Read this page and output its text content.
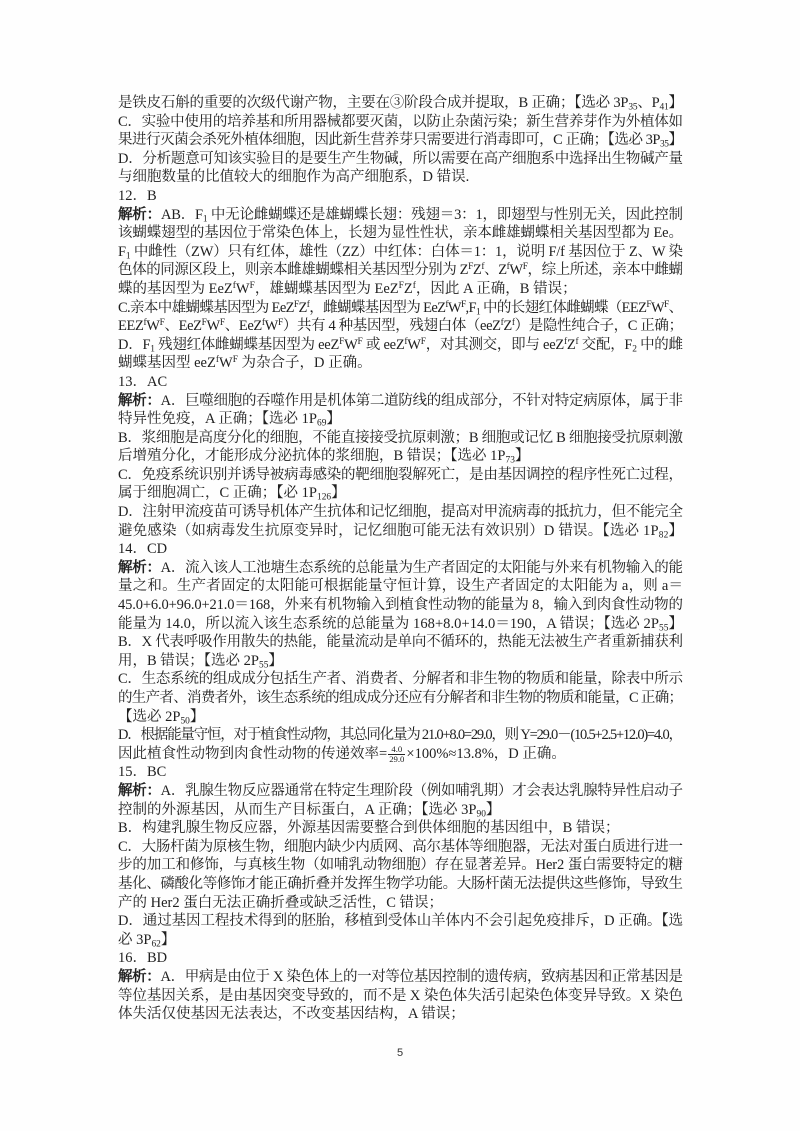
是铁皮石斛的重要的次级代谢产物，主要在③阶段合成并提取，B 正确；【选必 $3P_{35}$、$P_{41}$】
C．实验中使用的培养基和所用器械都要灭菌，以防止杂菌污染；新生营养芽作为外植体如
果进行灭菌会杀死外植体细胞，因此新生营养芽只需要进行消毒即可，C 正确；【选必 $3P_{35}$】
D．分析题意可知该实验目的是要生产生物碱，所以需要在高产细胞系中选择出生物碱产量
与细胞数量的比值较大的细胞作为高产细胞系，D 错误.
12．B
解析：AB．$F_1$ 中无论雌蝴蝶还是雄蝴蝶长翅：残翅＝3：1，即翅型与性别无关，因此控制
该蝴蝶翅型的基因位于常染色体上，长翅为显性性状，亲本雌雄蝴蝶相关基因型都为 Ee。
$F_1$ 中雌性（ZW）只有红体，雄性（ZZ）中红体：白体＝1：1，说明 F/f 基因位于 Z、W 染
色体的同源区段上，则亲本雌雄蝴蝶相关基因型分别为 $Z^FZ^f$、$Z^fW^F$，综上所述，亲本中雌蝴
蝶的基因型为 $EeZ^fW^F$，雄蝴蝶基因型为 $EeZ^FZ^f$，因此 A 正确，B 错误；
C.亲本中雄蝴蝶基因型为 $EeZ^FZ^f$，雌蝴蝶基因型为 $EeZ^fW^F,F_1$ 中的长翅红体雌蝴蝶（$EEZ^FW^F$、
$EEZ^fW^F$、$EeZ^FW^F$、$EeZ^fW^F$）共有 4 种基因型，残翅白体$(eeZ^fZ^f)$是隐性纯合子，C 正确；
D．$F_1$ 残翅红体雌蝴蝶基因型为 $eeZ^FW^F$ 或 $eeZ^fW^F$，对其测交，即与 $eeZ^fZ^f$ 交配，$F_2$ 中的雌
蝴蝶基因型 $eeZ^fW^F$ 为杂合子，D 正确。
13．AC
解析：A．巨噬细胞的吞噬作用是机体第二道防线的组成部分，不针对特定病原体，属于非
特异性免疫，A 正确；【选必 $1P_{69}$】
B．浆细胞是高度分化的细胞，不能直接接受抗原刺激；B 细胞或记忆 B 细胞接受抗原刺激
后增殖分化，才能形成分泌抗体的浆细胞，B 错误；【选必 $1P_{73}$】
C．免疫系统识别并诱导被病毒感染的靶细胞裂解死亡，是由基因调控的程序性死亡过程，
属于细胞凋亡，C 正确；【必 $1P_{126}$】
D．注射甲流疫苗可诱导机体产生抗体和记忆细胞，提高对甲流病毒的抵抗力，但不能完全
避免感染（如病毒发生抗原变异时，记忆细胞可能无法有效识别）D 错误。【选必 $1P_{82}$】
14．CD
解析：A．流入该人工池塘生态系统的总能量为生产者固定的太阳能与外来有机物输入的能
量之和。生产者固定的太阳能可根据能量守恒计算，设生产者固定的太阳能为 a，则 a＝
45.0+6.0+96.0+21.0＝168，外来有机物输入到植食性动物的能量为 8，输入到肉食性动物的
能量为 14.0，所以流入该生态系统的总能量为 168+8.0+14.0＝190，A 错误；【选必 $2P_{55}$】
B．X 代表呼吸作用散失的热能，能量流动是单向不循环的，热能无法被生产者重新捕获利
用，B 错误；【选必 $2P_{55}$】
C．生态系统的组成成分包括生产者、消费者、分解者和非生物的物质和能量，除表中所示
的生产者、消费者外，该生态系统的组成成分还应有分解者和非生物的物质和能量，C 正确；
【选必 $2P_{50}$】
D．根据能量守恒，对于植食性动物，其总同化量为 21.0+8.0=29.0，则 Y=29.0－(10.5+2.5+12.0)=4.0，
因此植食性动物到肉食性动物的传递效率= $\frac{4.0}{29.0} \times 100\%\approx 13.8\%$，D 正确。
15．BC
解析：A．乳腺生物反应器通常在特定生理阶段（例如哺乳期）才会表达乳腺特异性启动子
控制的外源基因，从而生产目标蛋白，A 正确；【选必 $3P_{90}$】
B．构建乳腺生物反应器，外源基因需要整合到供体细胞的基因组中，B 错误；
C．大肠杆菌为原核生物，细胞内缺少内质网、高尔基体等细胞器，无法对蛋白质进行进一
步的加工和修饰，与真核生物（如哺乳动物细胞）存在显著差异。Her2 蛋白需要特定的糖
基化、磷酸化等修饰才能正确折叠并发挥生物学功能。大肠杆菌无法提供这些修饰，导致生
产的 Her2 蛋白无法正确折叠或缺乏活性，C 错误；
D．通过基因工程技术得到的胚胎，移植到受体山羊体内不会引起免疫排斥，D 正确。【选
必 $3P_{62}$】
16．BD
解析：A．甲病是由位于 X 染色体上的一对等位基因控制的遗传病，致病基因和正常基因是
等位基因关系，是由基因突变导致的，而不是 X 染色体失活引起染色体变异导致。X 染色
体失活仅使基因无法表达，不改变基因结构，A 错误；
5
